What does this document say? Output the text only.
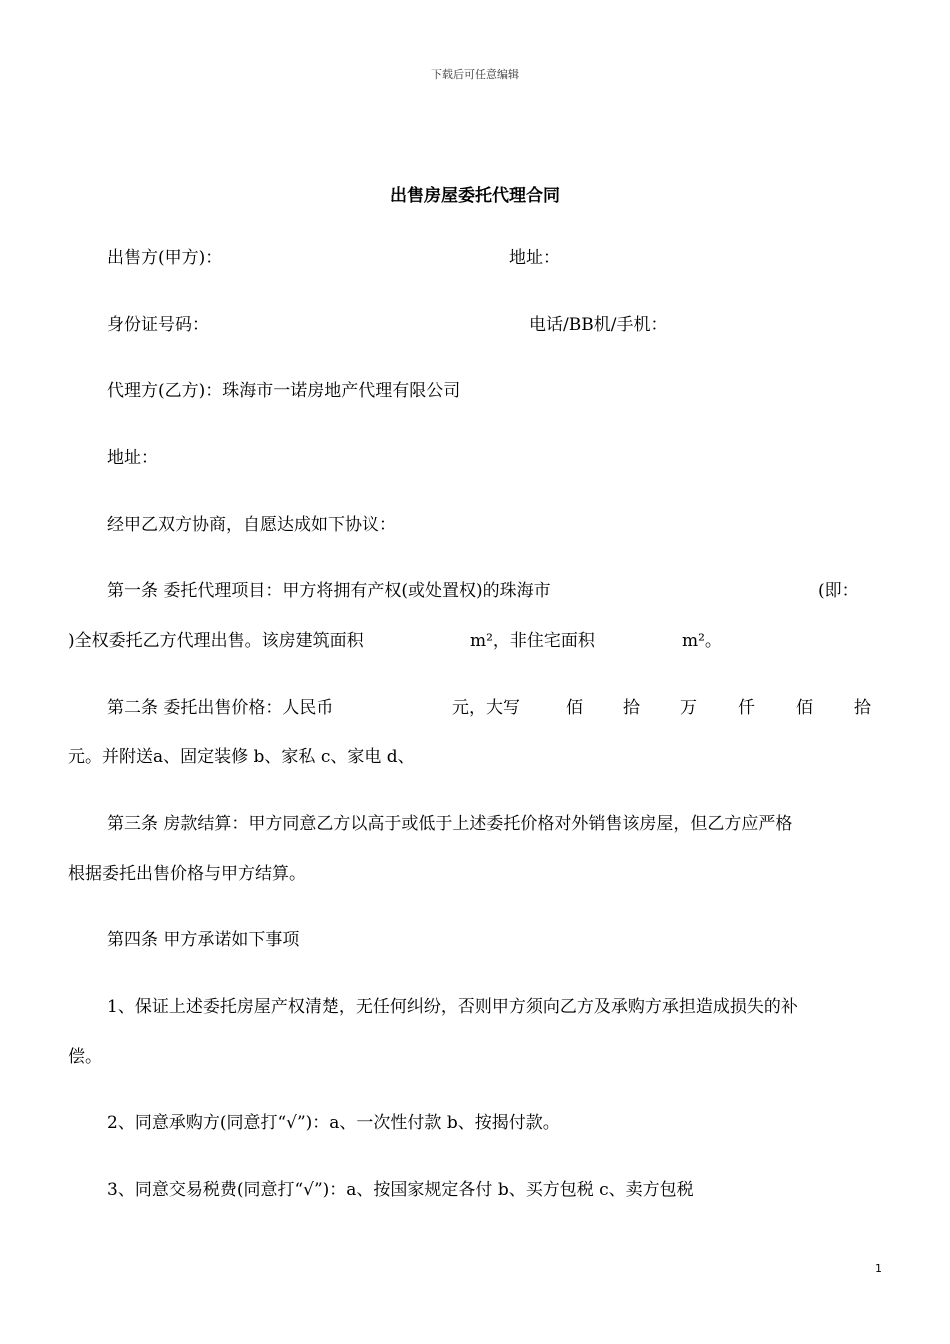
下载后可任意编辑
出售房屋委托代理合同
出售方(甲方)：	地址：
身份证号码：	电话/BB机/手机：
代理方(乙方)：珠海市一诺房地产代理有限公司
地址：
经甲乙双方协商，自愿达成如下协议：
第一条 委托代理项目：甲方将拥有产权(或处置权)的珠海市	(即：
)全权委托乙方代理出售。该房建筑面积	m²，非住宅面积	m²。
第二条 委托出售价格：人民币	元，大写	佰 拾 万 仟 佰 拾
元。并附送a、固定装修 b、家私 c、家电 d、
第三条 房款结算：甲方同意乙方以高于或低于上述委托价格对外销售该房屋，但乙方应严格
根据委托出售价格与甲方结算。
第四条 甲方承诺如下事项
1、保证上述委托房屋产权清楚，无任何纠纷，否则甲方须向乙方及承购方承担造成损失的补
偿。
2、同意承购方(同意打“√”)：a、一次性付款 b、按揭付款。
3、同意交易税费(同意打“√”)：a、按国家规定各付 b、买方包税 c、卖方包税
1
